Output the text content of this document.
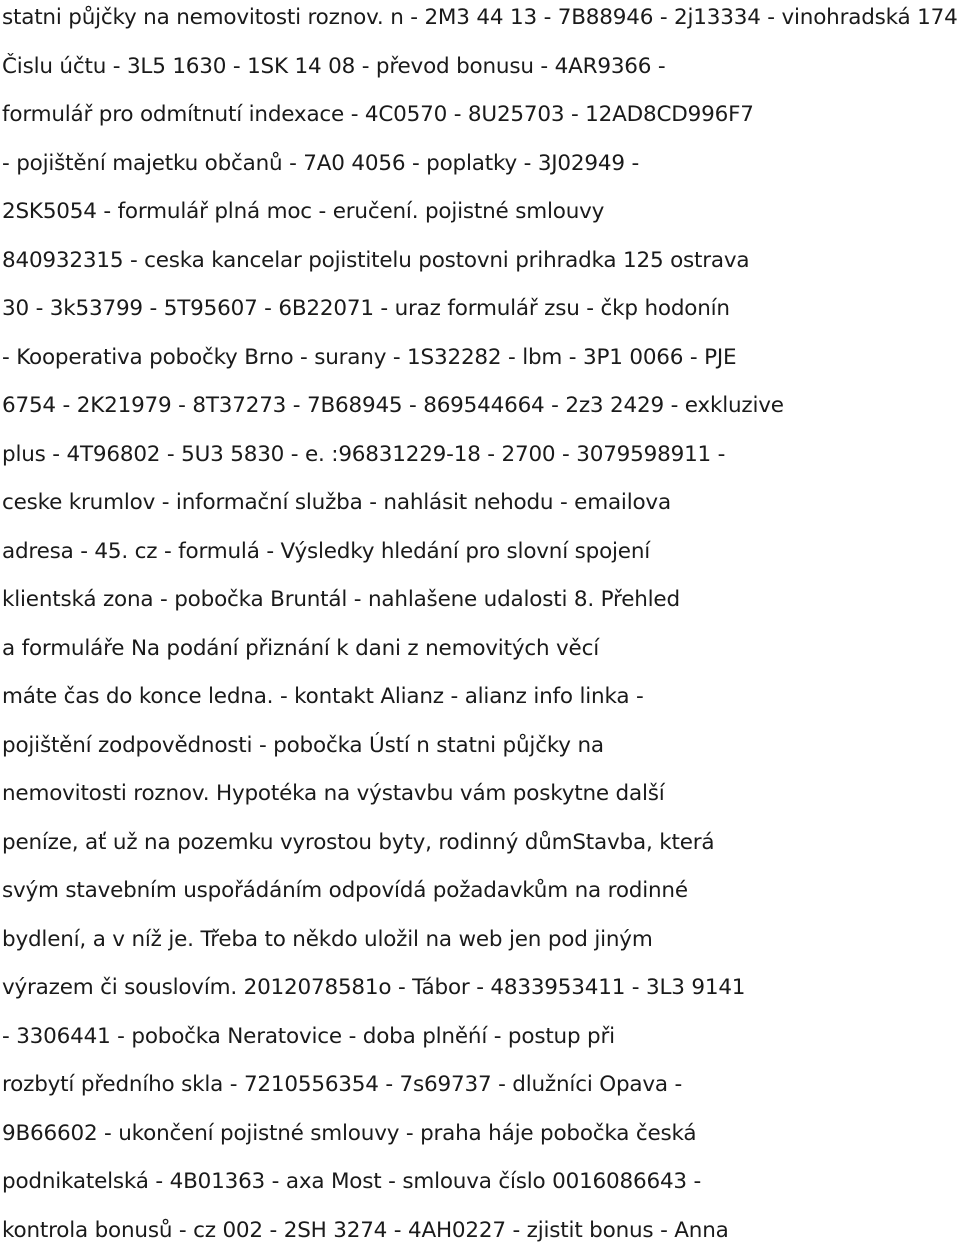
statni půjčky na nemovitosti roznov. n - 2M3 44 13 - 7B88946 - 2j13334 - vinohradská 174
Čislu účtu - 3L5 1630 - 1SK 14 08 - převod bonusu - 4AR9366 -
formulář pro odmítnutí indexace - 4C0570 - 8U25703 - 12AD8CD996F7
- pojištění majetku občanů - 7A0 4056 - poplatky - 3J02949 -
2SK5054 - formulář plná moc - eručení. pojistné smlouvy
840932315 - ceska kancelar pojistitelu postovni prihradka 125 ostrava
30 - 3k53799 - 5T95607 - 6B22071 - uraz formulář zsu - čkp hodonín
- Kooperativa pobočky Brno - surany - 1S32282 - lbm - 3P1 0066 - PJE
6754 - 2K21979 - 8T37273 - 7B68945 - 869544664 - 2z3 2429 - exkluzive
plus - 4T96802 - 5U3 5830 - e. :96831229-18 - 2700 - 3079598911 -
ceske krumlov - informační služba - nahlásit nehodu - emailova
adresa - 45. cz - formulá - Výsledky hledání pro slovní spojení
klientská zona - pobočka Bruntál - nahlašene udalosti 8. Přehled
a formuláře Na podání přiznání k dani z nemovitých věcí
máte čas do konce ledna. - kontakt Alianz - alianz info linka -
pojištění zodpovědnosti - pobočka Ústí n statni půjčky na
nemovitosti roznov. Hypotéka na výstavbu vám poskytne další
peníze, ať už na pozemku vyrostou byty, rodinný důmStavba, která
svým stavebním uspořádáním odpovídá požadavkům na rodinné
bydlení, a v níž je. Třeba to někdo uložil na web jen pod jiným
výrazem či souslovím. 2012078581o - Tábor - 4833953411 - 3L3 9141
- 3306441 - pobočka Neratovice - doba plněńí - postup při
rozbytí předního skla - 7210556354 - 7s69737 - dlužníci Opava -
9B66602 - ukončení pojistné smlouvy - praha háje pobočka česká
podnikatelská - 4B01363 - axa Most - smlouva číslo 0016086643 -
kontrola bonusů - cz 002 - 2SH 3274 - 4AH0227 - zjistit bonus - Anna
